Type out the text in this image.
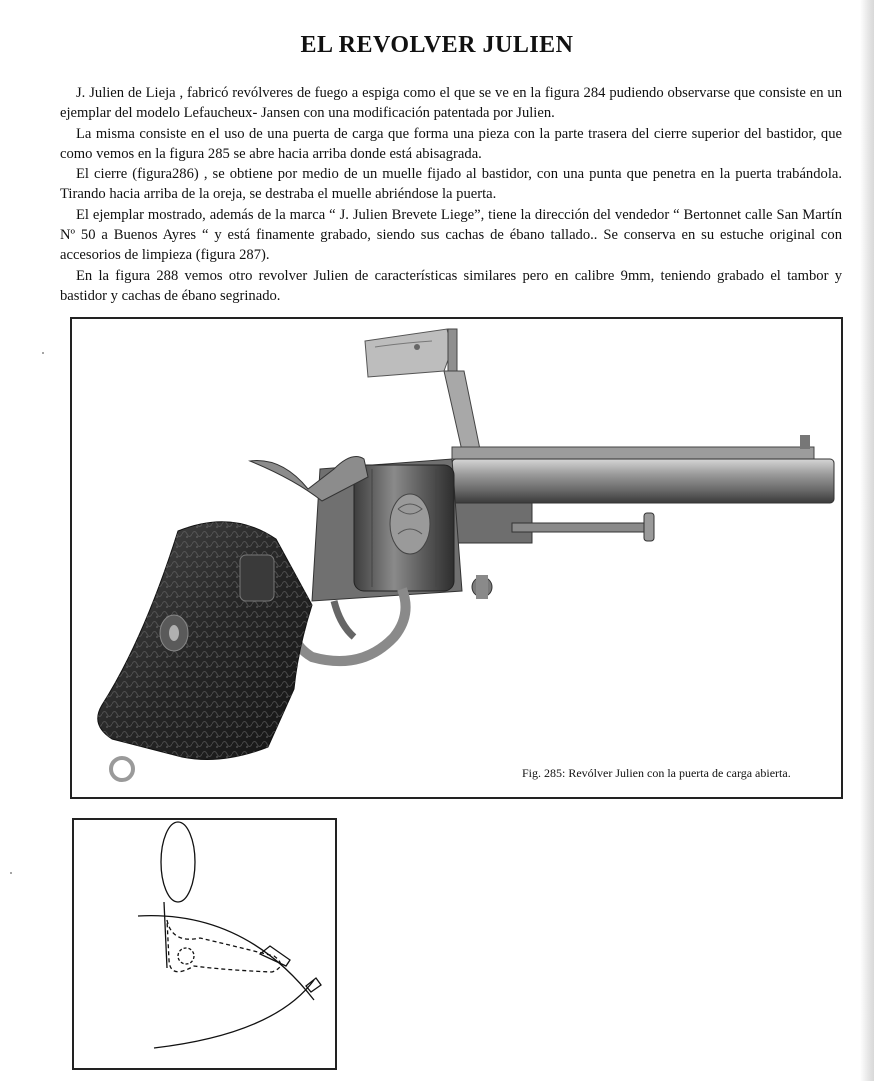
EL REVOLVER JULIEN

J. Julien de Lieja , fabricó revólveres de fuego a espiga como el que se ve en la figura 284 pudiendo observarse que consiste en un ejemplar del modelo Lefaucheux- Jansen con una modificación patentada por Julien.

La misma consiste en el uso de una puerta de carga que forma una pieza con la parte trasera del cierre superior del bastidor, que como vemos en la figura 285 se abre hacia arriba donde está abisagrada.

El cierre (figura286) , se obtiene por medio de un muelle fijado al bastidor, con una punta que penetra en la puerta trabándola. Tirando hacia arriba de la oreja, se destraba el muelle abriéndose la puerta.

El ejemplar mostrado, además de la marca “ J. Julien Brevete Liege”, tiene la dirección del vendedor “ Bertonnet calle San Martín Nº 50 a Buenos Ayres “ y está finamente grabado, siendo sus cachas de ébano tallado.. Se conserva en su estuche original con accesorios de limpieza (figura 287).

En la figura 288 vemos otro revolver Julien de características similares pero en calibre 9mm, teniendo grabado el tambor y bastidor y cachas de ébano segrinado.

Fig. 285: Revólver Julien con la puerta de carga abierta.
